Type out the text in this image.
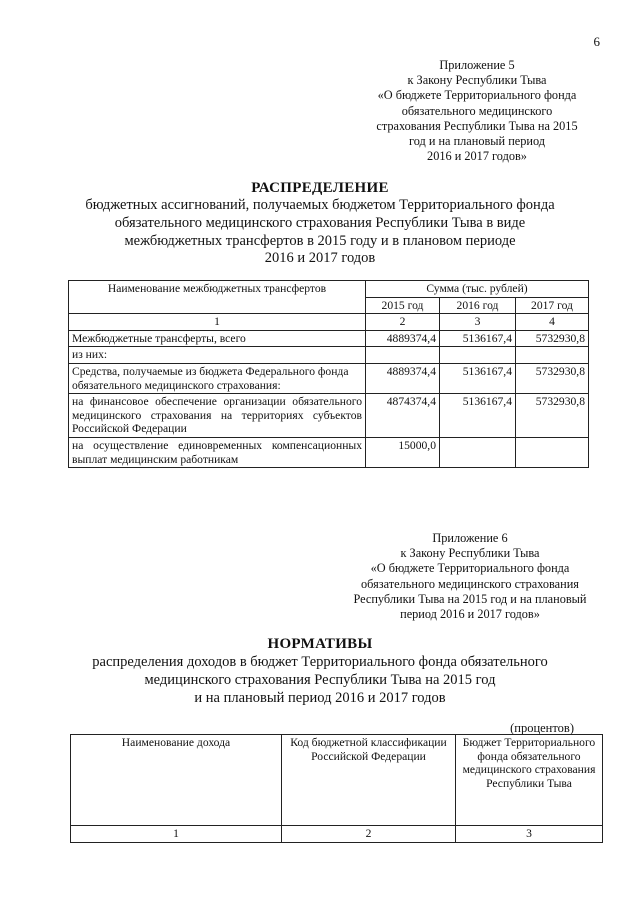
6
Приложение 5
к Закону Республики Тыва
«О бюджете Территориального фонда
обязательного медицинского
страхования Республики Тыва на 2015
год и на плановый период
2016 и 2017 годов»
РАСПРЕДЕЛЕНИЕ
бюджетных ассигнований, получаемых бюджетом Территориального фонда
обязательного медицинского страхования Республики Тыва в виде
межбюджетных трансфертов в 2015 году и в плановом периоде
2016 и 2017 годов
Наименование межбюджетных трансфертов	Сумма (тыс. рублей)		
	2015 год	2016 год	2017 год
1	2	3	4
Межбюджетные трансферты, всего	4889374,4	5136167,4	5732930,8
из них:			
Средства, получаемые из бюджета Федерального фонда обязательного медицинского страхования:	4889374,4	5136167,4	5732930,8
на финансовое обеспечение организации обязательного медицинского страхования на территориях субъектов Российской Федерации	4874374,4	5136167,4	5732930,8
на осуществление единовременных компенсационных выплат медицинским работникам	15000,0		
Приложение 6
к Закону Республики Тыва
«О бюджете Территориального фонда
обязательного медицинского страхования
Республики Тыва на 2015 год и на плановый
период 2016 и 2017 годов»
НОРМАТИВЫ
распределения доходов в бюджет Территориального фонда обязательного
медицинского страхования Республики Тыва на 2015 год
и на плановый период 2016 и 2017 годов
(процентов)
Наименование дохода	Код бюджетной классификации Российской Федерации	Бюджет Территориального фонда обязательного медицинского страхования Республики Тыва
1	2	3
